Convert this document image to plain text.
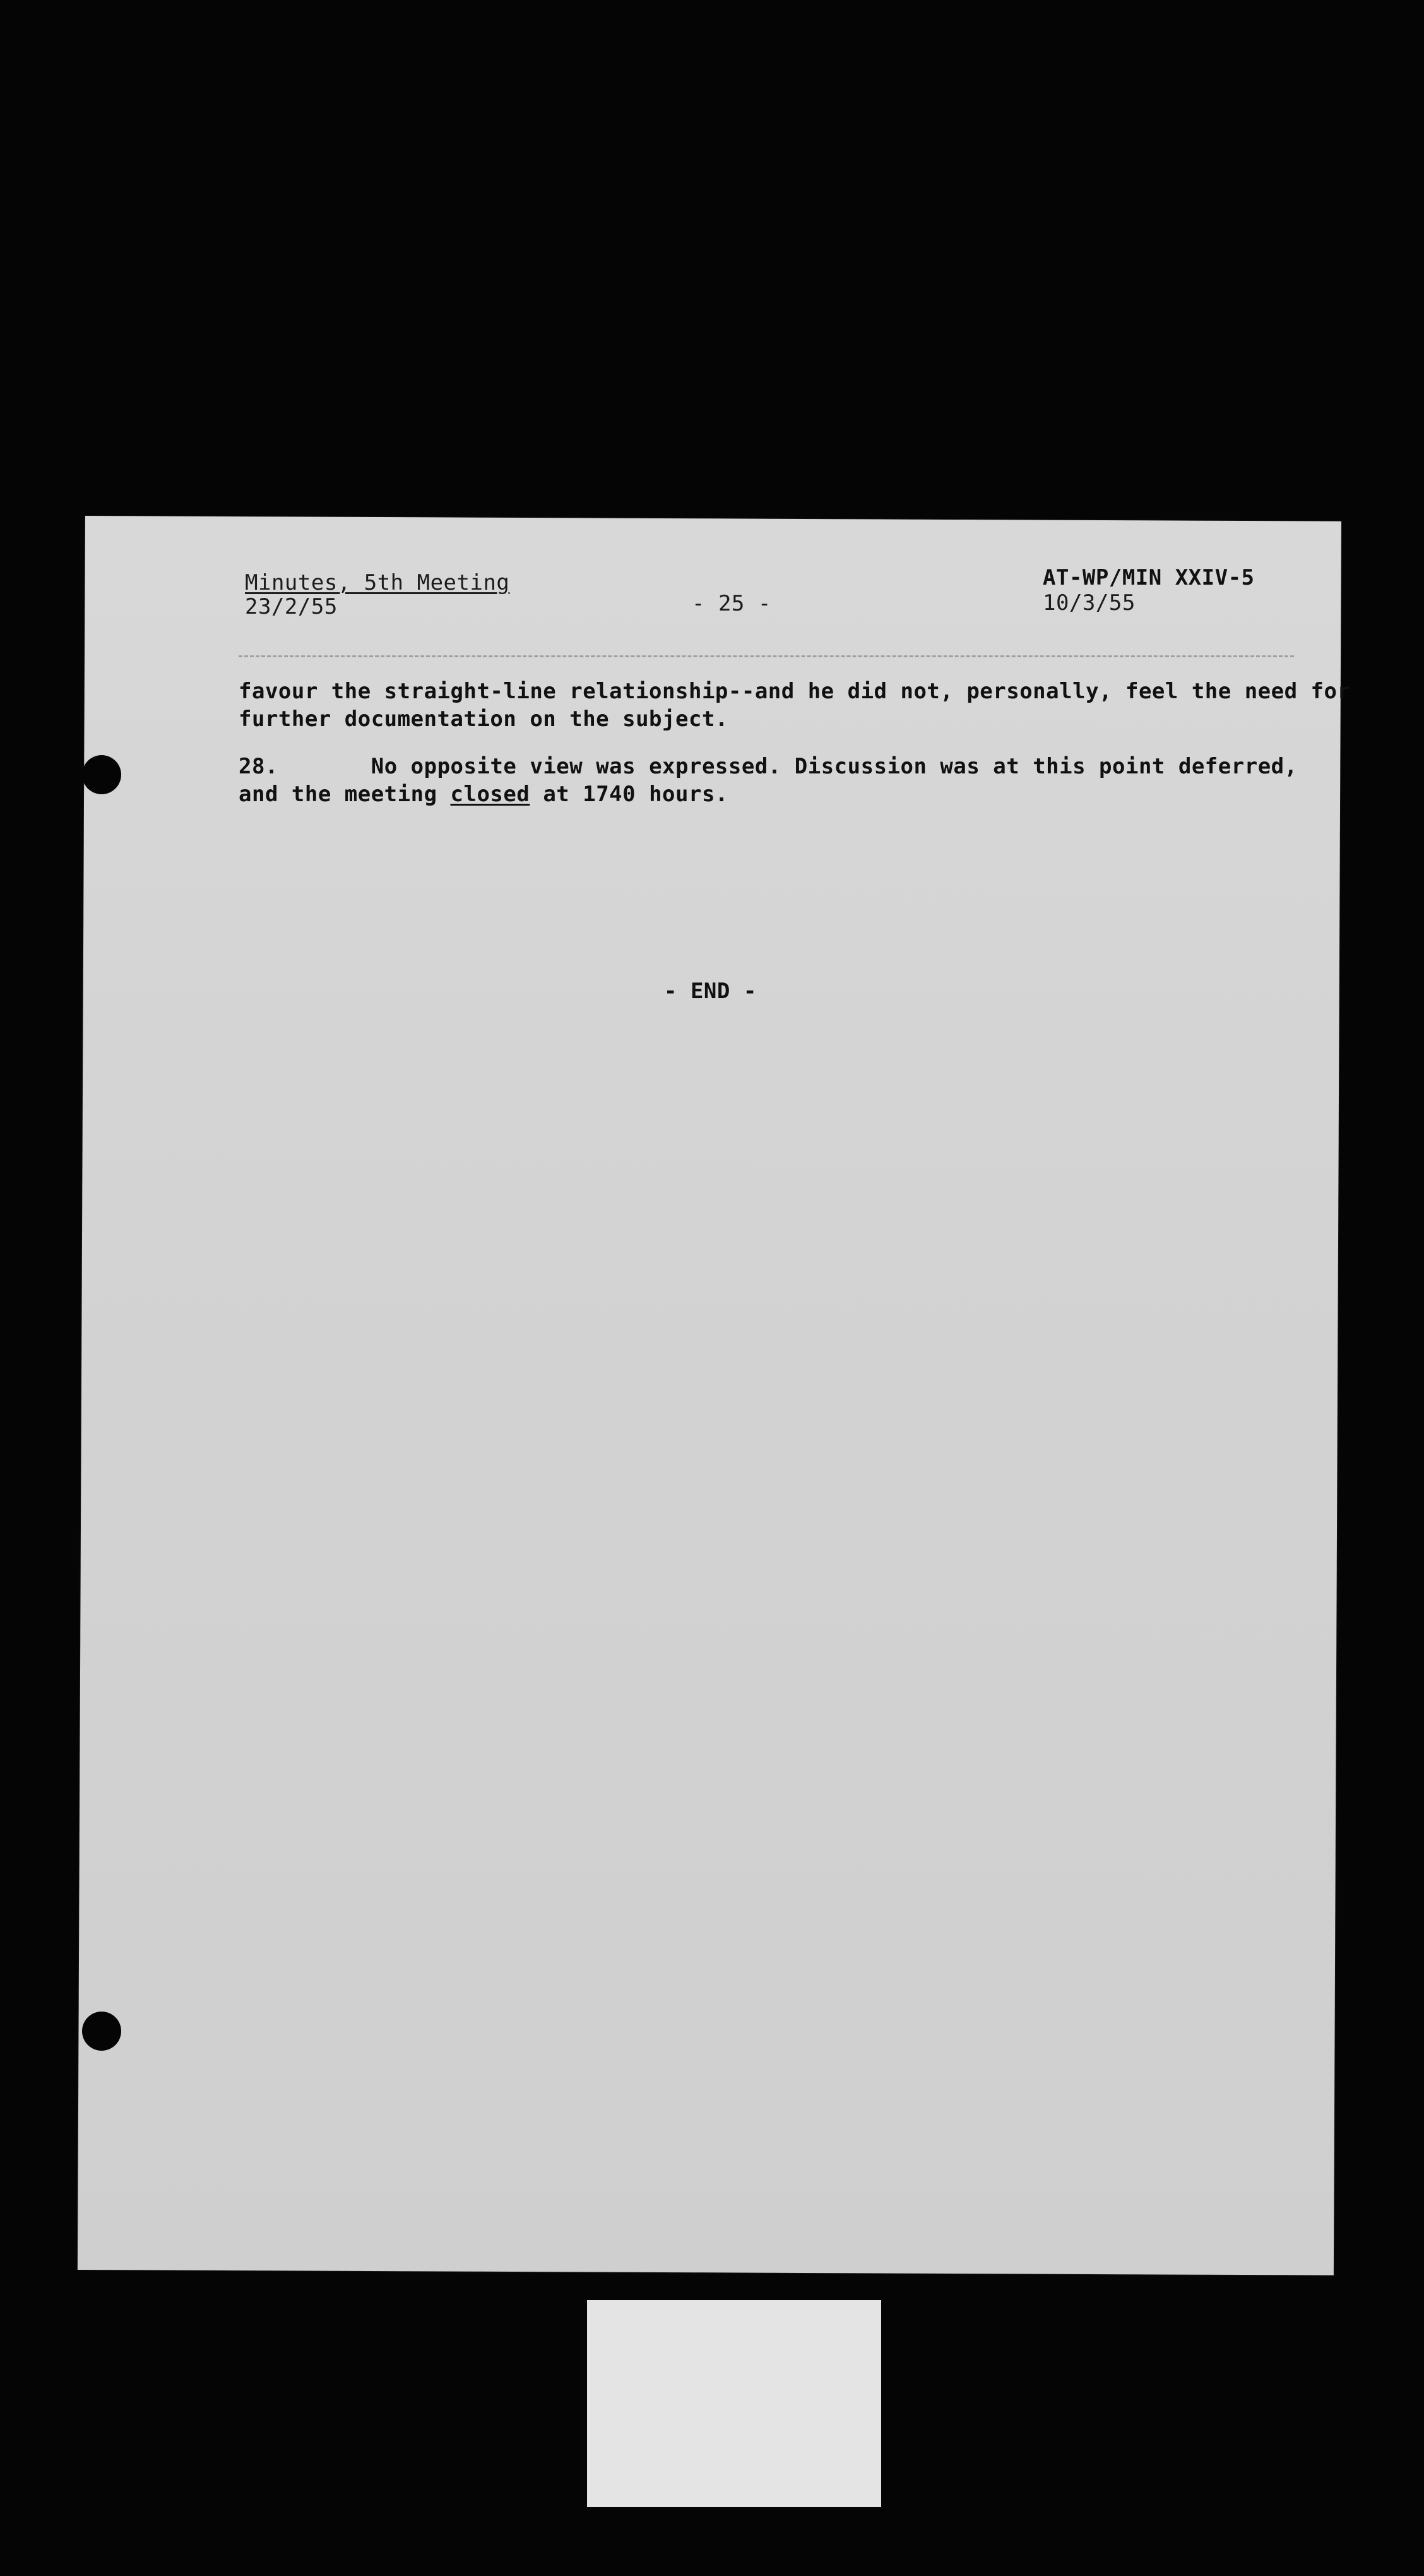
Minutes, 5th Meeting
23/2/55	- 25 -
AT-WP/MIN XXIV-5
10/3/55
favour the straight-line relationship--and he did not, personally, feel the need for
further documentation on the subject.
28.	No opposite view was expressed. Discussion was at this point deferred,
and the meeting closed at 1740 hours.
- END -
